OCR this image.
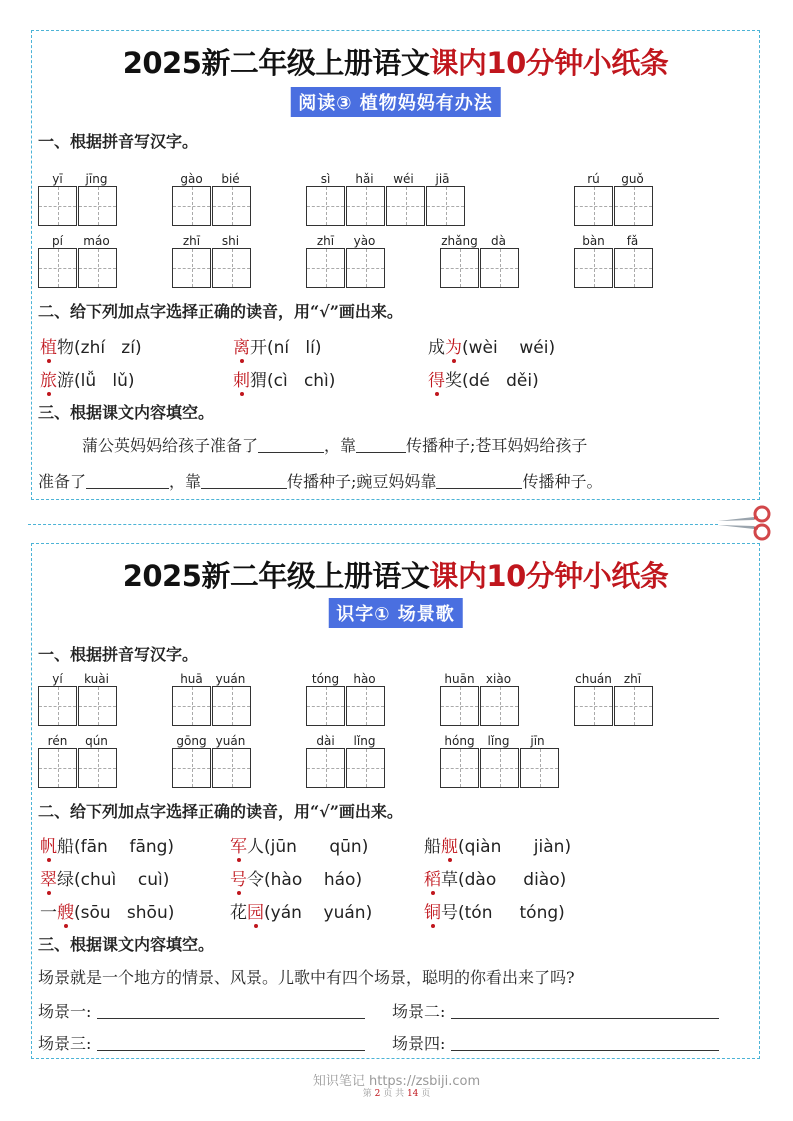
2025新二年级上册语文课内10分钟小纸条
阅读③ 植物妈妈有办法
一、根据拼音写汉字。
yī jīng	gào bié	sì hǎi wéi jiā	rú guǒ
pí máo	zhī shi	zhī yào	zhǎng dà	bàn fǎ
二、给下列加点字选择正确的读音，用“√”画出来。
植物(zhí zí)	离开(ní lí)	成为(wèi wéi)
旅游(lǚ lǔ)	刺猬(cì chì)	得奖(dé děi)
三、根据课文内容填空。
蒲公英妈妈给孩子准备了	，靠	传播种子;苍耳妈妈给孩子
准备了	，靠	传播种子;豌豆妈妈靠	传播种子。
2025新二年级上册语文课内10分钟小纸条
识字① 场景歌
一、根据拼音写汉字。
yí kuài	huā yuán	tóng hào	huān xiào	chuán zhī
rén qún	gōng yuán	dài lǐng	hóng lǐng jīn
二、给下列加点字选择正确的读音，用“√”画出来。
帆船(fān fāng)	军人(jūn qūn)	船舰(qiàn jiàn)
翠绿(chuì cuì)	号令(hào háo)	稻草(dào diào)
一艘(sōu shōu)	花园(yán yuán)	铜号(tón tóng)
三、根据课文内容填空。
场景就是一个地方的情景、风景。儿歌中有四个场景，聪明的你看出来了吗?
场景一:	场景二:
场景三:	场景四:
知识笔记 https://zsbiji.com
第 2 页 共 14 页
